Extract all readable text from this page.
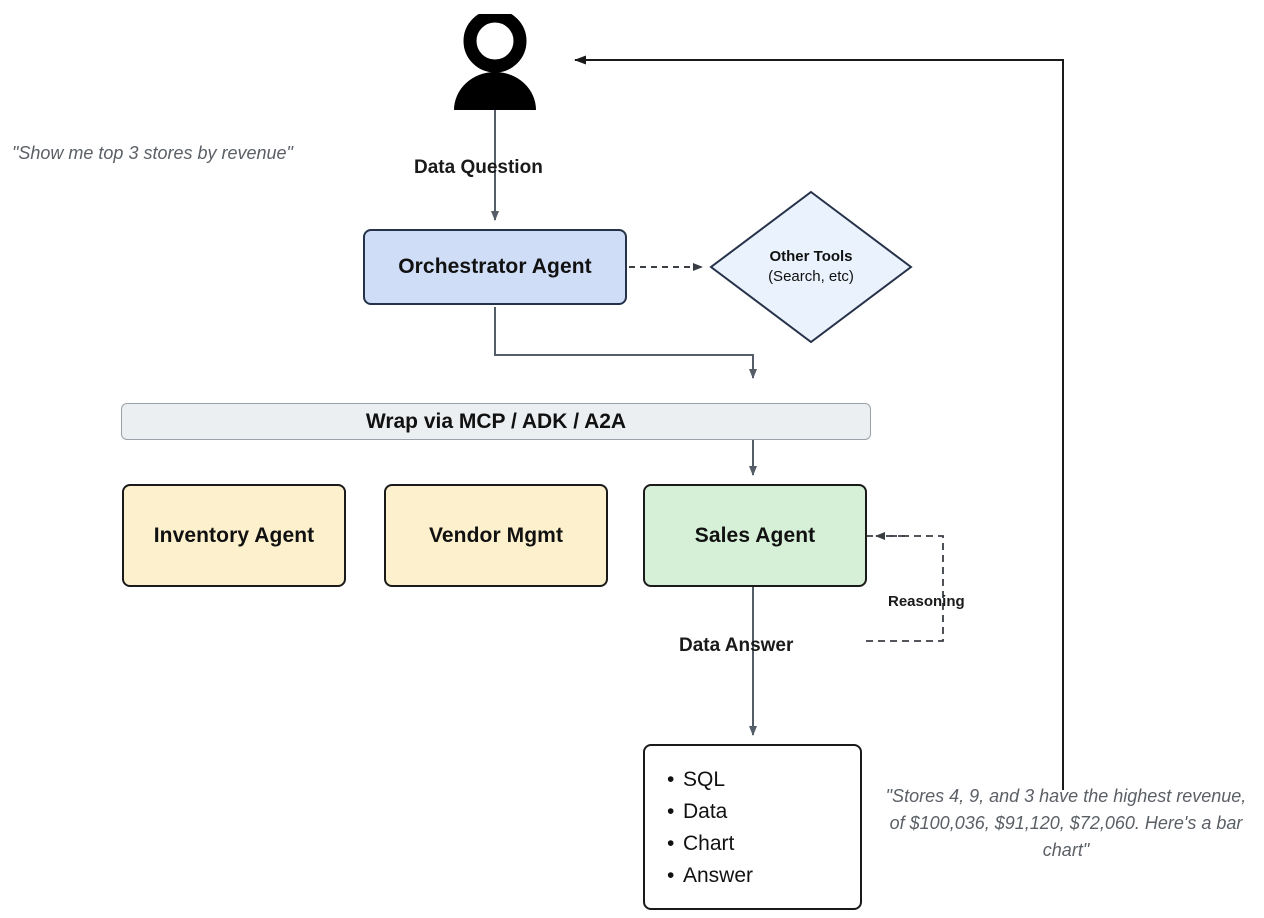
"Show me top 3 stores by revenue"
Data Question
Orchestrator Agent	Other Tools
(Search, etc)
Wrap via MCP / ADK / A2A
Inventory Agent	Vendor Mgmt	Sales Agent
Reasoning
Data Answer
• SQL
• Data
• Chart
• Answer
"Stores 4, 9, and 3 have the highest revenue, of $100,036, $91,120, $72,060. Here's a bar chart"
